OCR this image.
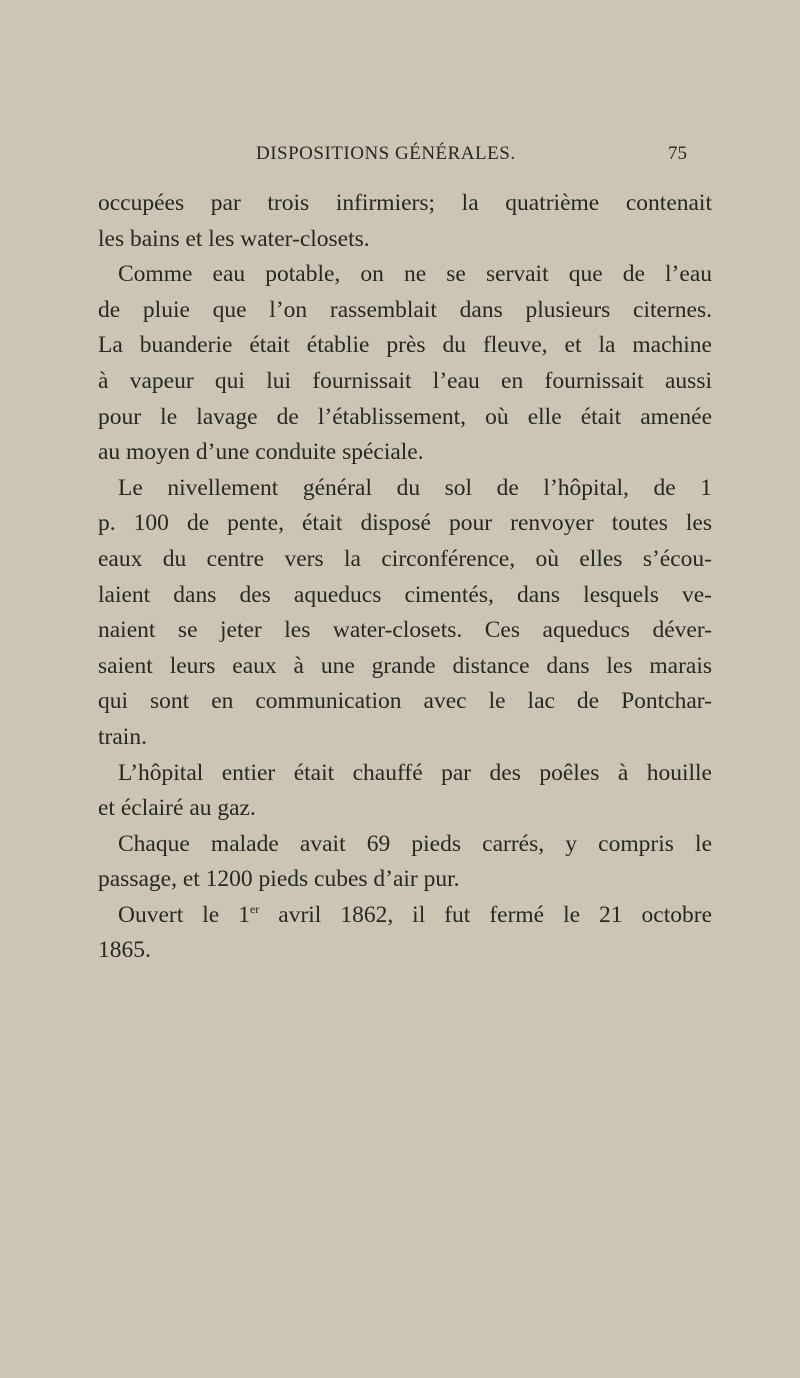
DISPOSITIONS GÉNÉRALES.	75
occupées par trois infirmiers; la quatrième contenait
les bains et les water-closets.
Comme eau potable, on ne se servait que de l’eau
de pluie que l’on rassemblait dans plusieurs citernes.
La buanderie était établie près du fleuve, et la machine
à vapeur qui lui fournissait l’eau en fournissait aussi
pour le lavage de l’établissement, où elle était amenée
au moyen d’une conduite spéciale.
Le nivellement général du sol de l’hôpital, de 1
p. 100 de pente, était disposé pour renvoyer toutes les
eaux du centre vers la circonférence, où elles s’écou-
laient dans des aqueducs cimentés, dans lesquels ve-
naient se jeter les water-closets. Ces aqueducs déver-
saient leurs eaux à une grande distance dans les marais
qui sont en communication avec le lac de Pontchar-
train.
L’hôpital entier était chauffé par des poêles à houille
et éclairé au gaz.
Chaque malade avait 69 pieds carrés, y compris le
passage, et 1200 pieds cubes d’air pur.
Ouvert le 1er avril 1862, il fut fermé le 21 octobre
1865.
